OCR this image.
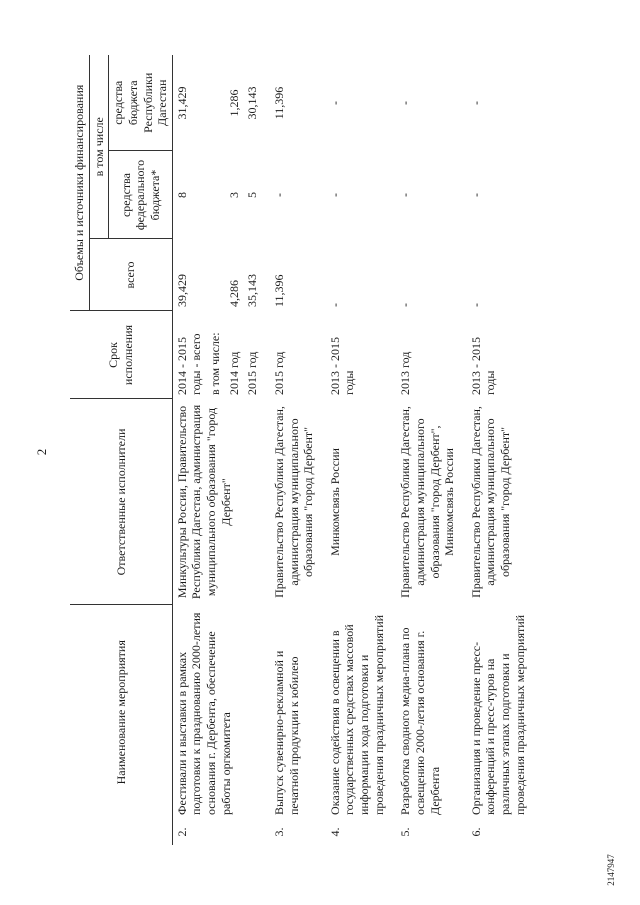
2
2147947
	Наименование мероприятия	Ответственные исполнители	Срок исполнения	Объемы и источники финансирования		
				всего	в том числе	
					средства федерального бюджета*	средства бюджета Республики Дагестан
2.	Фестивали и выставки в рамках подготовки к празднованию 2000-летия основания г. Дербента, обеспечение работы оргкомитета	Минкультуры России, Правительство Республики Дагестан, администрация муниципального образования "город Дербент"	2014 - 2015 годы - всего	39,429	8	31,429
			в том числе:			
			2014 год	4,286	3	1,286
			2015 год	35,143	5	30,143
3.	Выпуск сувенирно-рекламной и печатной продукции к юбилею	Правительство Республики Дагестан, администрация муниципального образования "город Дербент"	2015 год	11,396	-	11,396
4.	Оказание содействия в освещении в государственных средствах массовой информации хода подготовки и проведения праздничных мероприятий	Минкомсвязь России	2013 - 2015 годы	-	-	-
5.	Разработка сводного медиа-плана по освещению 2000-летия основания г. Дербента	Правительство Республики Дагестан, администрация муниципального образования "город Дербент", Минкомсвязь России	2013 год	-	-	-
6.	Организация и проведение пресс-конференций и пресс-туров на различных этапах подготовки и проведения праздничных мероприятий	Правительство Республики Дагестан, администрация муниципального образования "город Дербент"	2013 - 2015 годы	-	-	-
